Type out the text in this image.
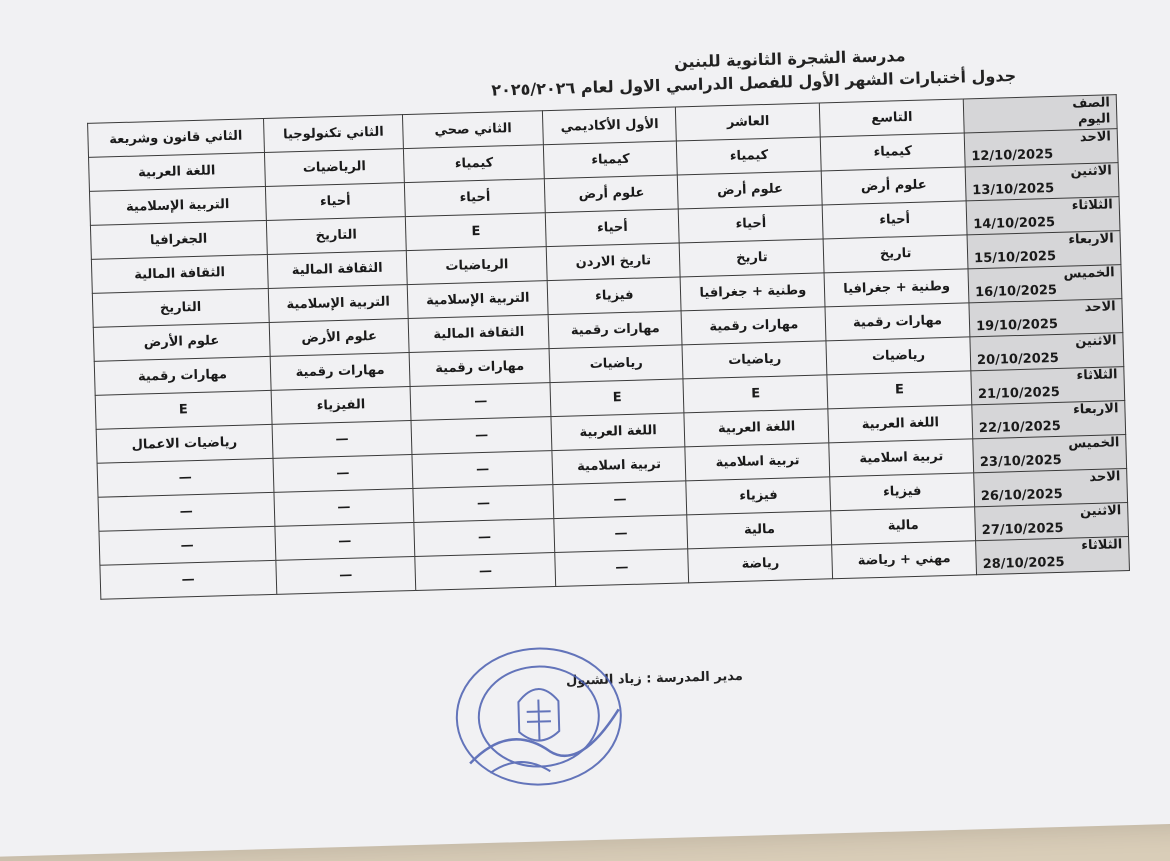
مدرسة الشجرة الثانوية للبنين
جدول أختبارات الشهر الأول للفصل الدراسي الاول لعام ٢٠٢٥/٢٠٢٦
الصف
اليوم	التاسع	العاشر	الأول الأكاديمي	الثاني صحي	الثاني تكنولوجيا	الثاني قانون وشريعة

الاحد
12/10/2025	كيمياء	كيمياء	كيمياء	كيمياء	الرياضيات	اللغة العربية

الاثنين
13/10/2025	علوم أرض	علوم أرض	علوم أرض	أحياء	أحياء	التربية الإسلامية

الثلاثاء
14/10/2025	أحياء	أحياء	أحياء	E	التاريخ	الجغرافيا

الاربعاء
15/10/2025	تاريخ	تاريخ	تاريخ الاردن	الرياضيات	الثقافة المالية	الثقافة المالية

الخميس
16/10/2025	وطنية + جغرافيا	وطنية + جغرافيا	فيزياء	التربية الإسلامية	التربية الإسلامية	التاريخ

الاحد
19/10/2025	مهارات رقمية	مهارات رقمية	مهارات رقمية	الثقافة المالية	علوم الأرض	علوم الأرض

الاثنين
20/10/2025	رياضيات	رياضيات	رياضيات	مهارات رقمية	مهارات رقمية	مهارات رقمية

الثلاثاء
21/10/2025	E	E	E	—	الفيزياء	E

الاربعاء
22/10/2025	اللغة العربية	اللغة العربية	اللغة العربية	—	—	رياضيات الاعمال

الخميس
23/10/2025	تربية اسلامية	تربية اسلامية	تربية اسلامية	—	—	—

الاحد
26/10/2025	فيزياء	فيزياء	—	—	—	—

الاثنين
27/10/2025	مالية	مالية	—	—	—	—

الثلاثاء
28/10/2025	مهني + رياضة	رياضة	—	—	—	—
مدير المدرسة : زياد الشبول
